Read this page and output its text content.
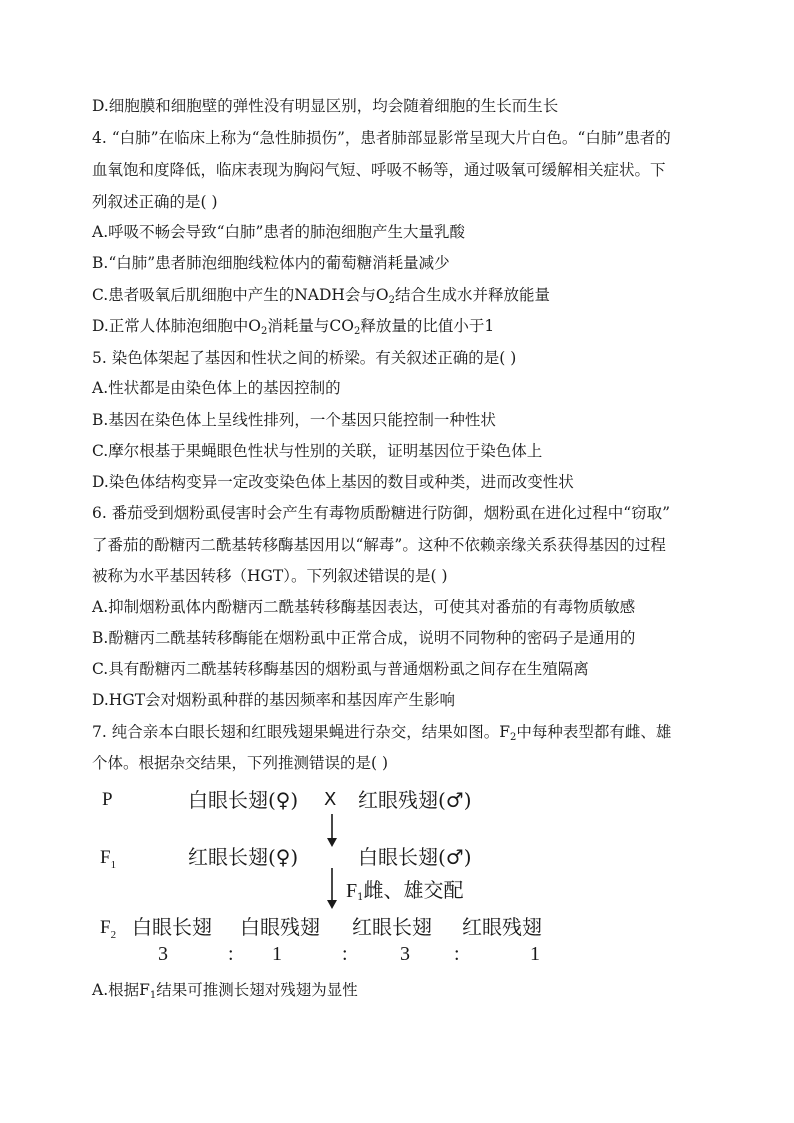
D.细胞膜和细胞壁的弹性没有明显区别，均会随着细胞的生长而生长
4. “白肺”在临床上称为“急性肺损伤”，患者肺部显影常呈现大片白色。“白肺”患者的
血氧饱和度降低，临床表现为胸闷气短、呼吸不畅等，通过吸氧可缓解相关症状。下
列叙述正确的是( )
A.呼吸不畅会导致“白肺”患者的肺泡细胞产生大量乳酸
B.“白肺”患者肺泡细胞线粒体内的葡萄糖消耗量减少
C.患者吸氧后肌细胞中产生的NADH会与$O_2$结合生成水并释放能量
D.正常人体肺泡细胞中$O_2$消耗量与$CO_2$释放量的比值小于1
5. 染色体架起了基因和性状之间的桥梁。有关叙述正确的是( )
A.性状都是由染色体上的基因控制的
B.基因在染色体上呈线性排列，一个基因只能控制一种性状
C.摩尔根基于果蝇眼色性状与性别的关联，证明基因位于染色体上
D.染色体结构变异一定改变染色体上基因的数目或种类，进而改变性状
6. 番茄受到烟粉虱侵害时会产生有毒物质酚糖进行防御，烟粉虱在进化过程中“窃取”
了番茄的酚糖丙二酰基转移酶基因用以“解毒”。这种不依赖亲缘关系获得基因的过程
被称为水平基因转移（HGT）。下列叙述错误的是( )
A.抑制烟粉虱体内酚糖丙二酰基转移酶基因表达，可使其对番茄的有毒物质敏感
B.酚糖丙二酰基转移酶能在烟粉虱中正常合成，说明不同物种的密码子是通用的
C.具有酚糖丙二酰基转移酶基因的烟粉虱与普通烟粉虱之间存在生殖隔离
D.HGT会对烟粉虱种群的基因频率和基因库产生影响
7. 纯合亲本白眼长翅和红眼残翅果蝇进行杂交，结果如图。$F_2$中每种表型都有雌、雄
个体。根据杂交结果，下列推测错误的是( )
P	白眼长翅(♀) X 红眼残翅(♂)
$F_1$	红眼长翅(♀)	白眼长翅(♂)
$F_1$雌、雄交配
$F_2$ 白眼长翅 白眼残翅 红眼长翅 红眼残翅
3	: 1	:	3 :	1
A.根据$F_1$结果可推测长翅对残翅为显性
